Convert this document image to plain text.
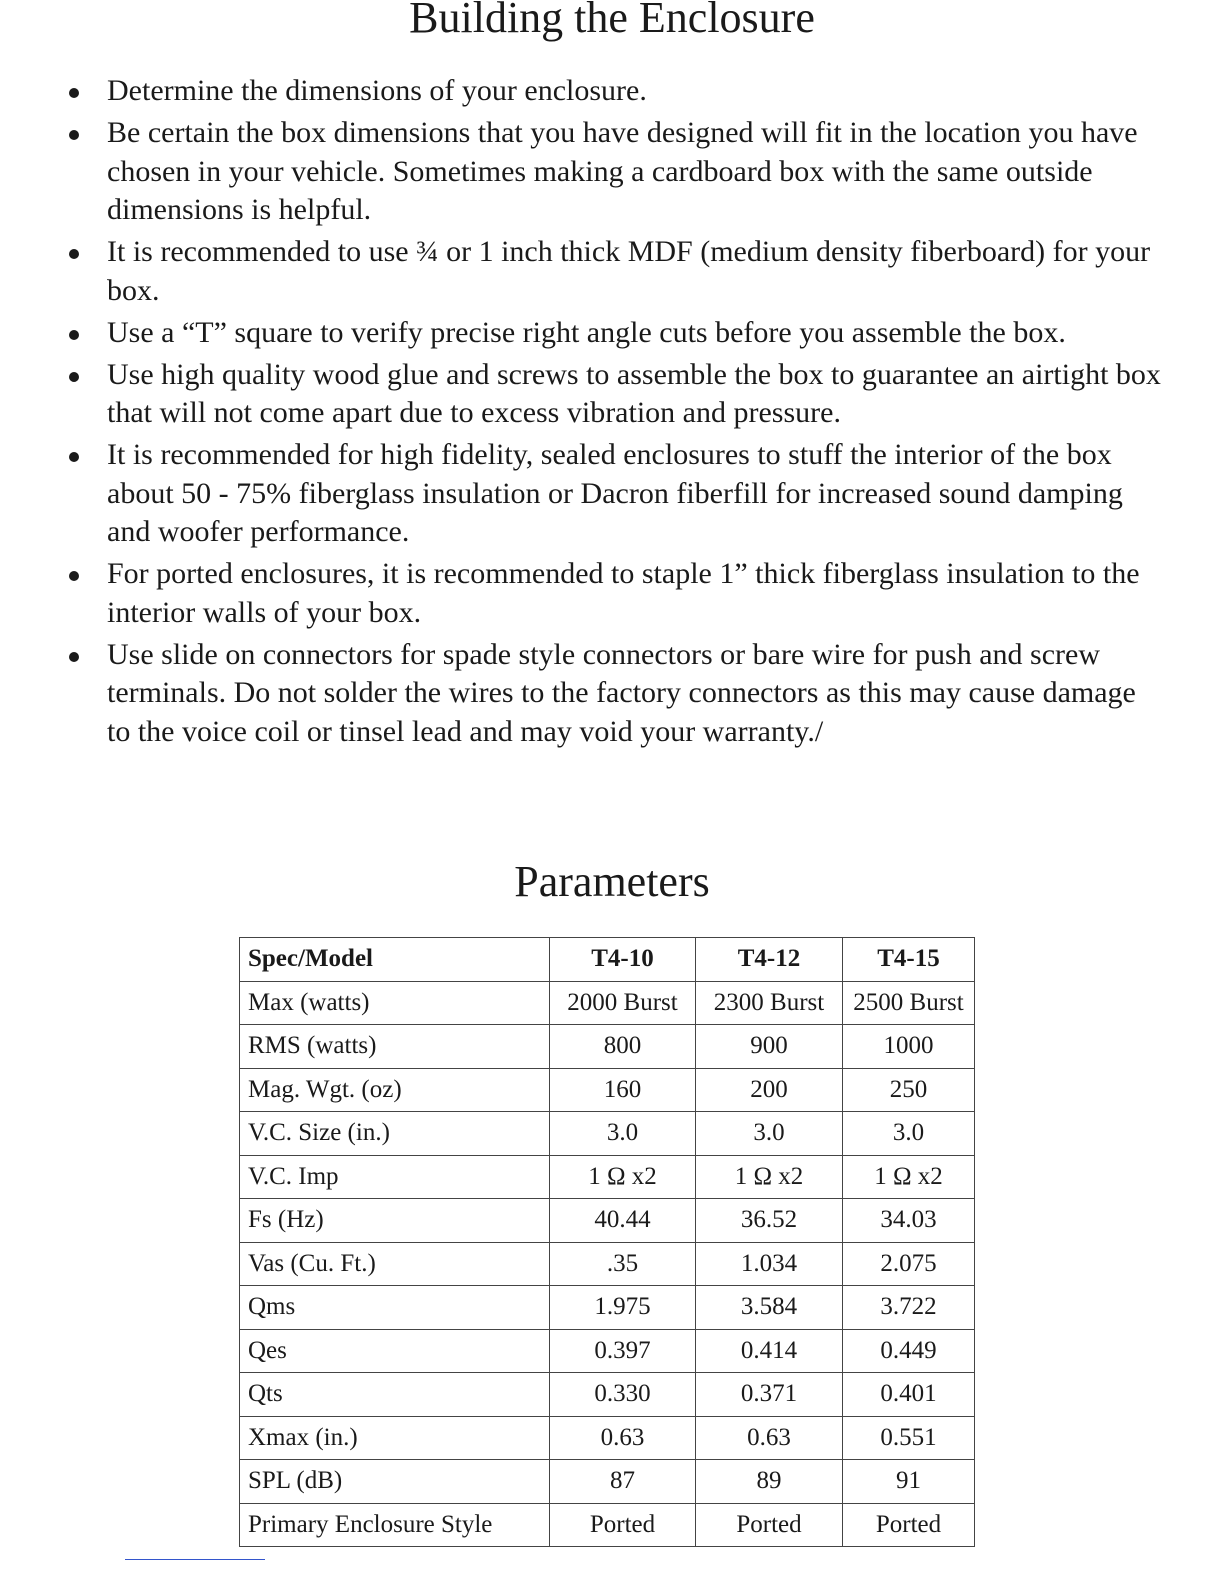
Building the Enclosure
Determine the dimensions of your enclosure.
Be certain the box dimensions that you have designed will fit in the location you have chosen in your vehicle. Sometimes making a cardboard box with the same outside dimensions is helpful.
It is recommended to use ¾ or 1 inch thick MDF (medium density fiberboard) for your box.
Use a “T” square to verify precise right angle cuts before you assemble the box.
Use high quality wood glue and screws to assemble the box to guarantee an airtight box that will not come apart due to excess vibration and pressure.
It is recommended for high fidelity, sealed enclosures to stuff the interior of the box about 50 - 75% fiberglass insulation or Dacron fiberfill for increased sound damping and woofer performance.
For ported enclosures, it is recommended to staple 1” thick fiberglass insulation to the interior walls of your box.
Use slide on connectors for spade style connectors or bare wire for push and screw terminals. Do not solder the wires to the factory connectors as this may cause damage to the voice coil or tinsel lead and may void your warranty./
Parameters
Spec/Model	T4-10	T4-12	T4-15
Max (watts)	2000 Burst	2300 Burst	2500 Burst
RMS (watts)	800	900	1000
Mag. Wgt. (oz)	160	200	250
V.C. Size (in.)	3.0	3.0	3.0
V.C. Imp	1 Ω x2	1 Ω x2	1 Ω x2
Fs (Hz)	40.44	36.52	34.03
Vas (Cu. Ft.)	.35	1.034	2.075
Qms	1.975	3.584	3.722
Qes	0.397	0.414	0.449
Qts	0.330	0.371	0.401
Xmax (in.)	0.63	0.63	0.551
SPL (dB)	87	89	91
Primary Enclosure Style	Ported	Ported	Ported
